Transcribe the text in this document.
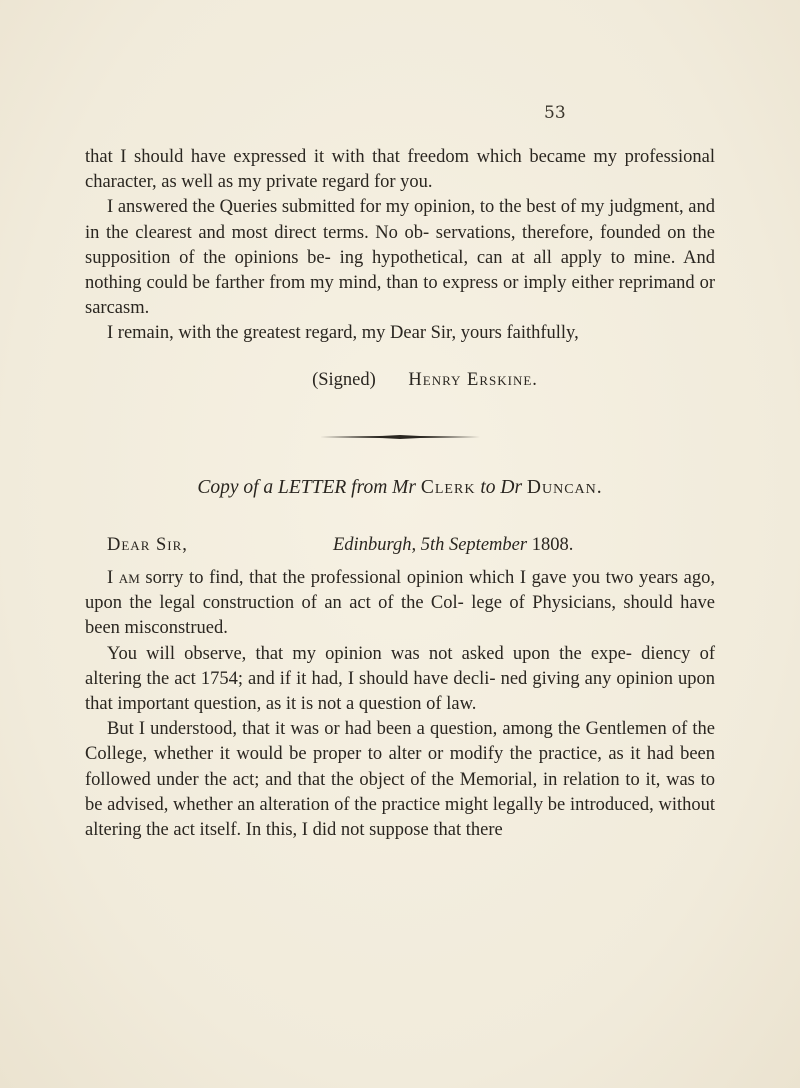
53

that I should have expressed it with that freedom which became my professional character, as well as my private regard for you.

I answered the Queries submitted for my opinion, to the best of my judgment, and in the clearest and most direct terms. No ob- servations, therefore, founded on the supposition of the opinions be- ing hypothetical, can at all apply to mine. And nothing could be farther from my mind, than to express or imply either reprimand or sarcasm.

I remain, with the greatest regard, my Dear Sir, yours faithfully,

(Signed) Henry Erskine.
Copy of a LETTER from Mr Clerk to Dr Duncan.
Dear Sir,	Edinburgh, 5th September 1808.

I am sorry to find, that the professional opinion which I gave you two years ago, upon the legal construction of an act of the Col- lege of Physicians, should have been misconstrued.

You will observe, that my opinion was not asked upon the expe- diency of altering the act 1754; and if it had, I should have decli- ned giving any opinion upon that important question, as it is not a question of law.

But I understood, that it was or had been a question, among the Gentlemen of the College, whether it would be proper to alter or modify the practice, as it had been followed under the act; and that the object of the Memorial, in relation to it, was to be advised, whether an alteration of the practice might legally be introduced, without altering the act itself. In this, I did not suppose that there
